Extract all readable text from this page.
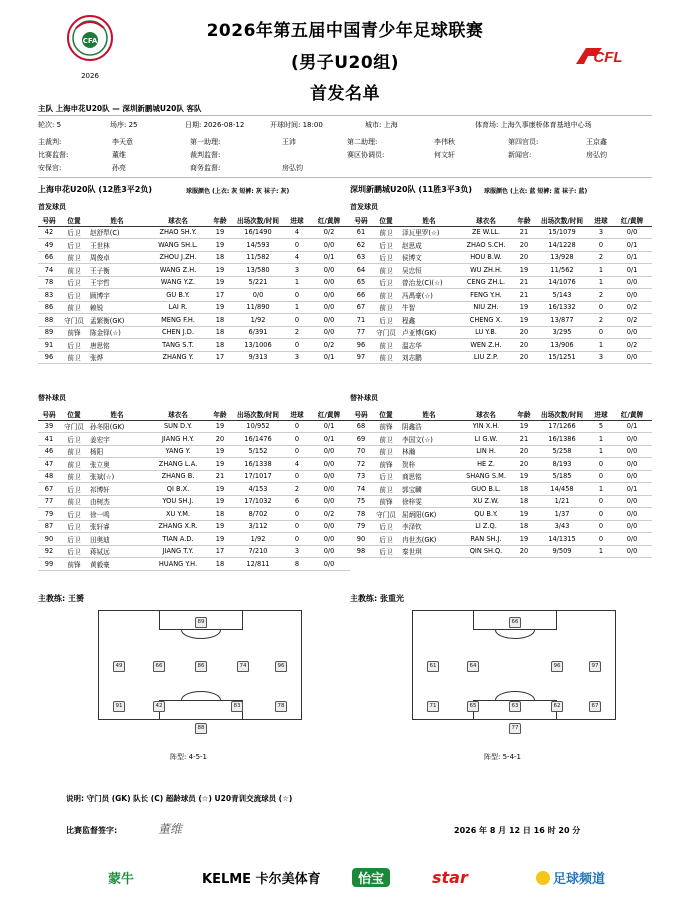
CFA
2026
CFL
2026年第五届中国青少年足球联赛
(男子U20组)
首发名单
主队 上海申花U20队 — 深圳新鹏城U20队 客队
轮次: 5	场序: 25	日期: 2026-08-12	开球时间: 18:00	城市: 上海	体育场: 上海久事康桥体育基地中心场
主裁判:	李天意	第一助理:	王沛	第二助理:	李伟秋	第四官员:	王京鑫
比赛监督:	董维	裁判监督:	赛区协调员:	何文轩	新闻官:	房弘钧
安保官:	孙亮	商务监督:	房弘钧
上海申花U20队 (12胜3平2负)	球服颜色 (上衣: 灰 短裤: 灰 袜子: 灰)	深圳新鹏城U20队 (11胜3平3负) 球服颜色 (上衣: 蓝 短裤: 蓝 袜子: 蓝)
首发球员	首发球员
号码	位置	姓名	球衣名	年龄	出场次数/时间	进球	红/黄牌
42	后卫	赵舒犁(C)	ZHAO SH.Y.	19	16/1490	4	0/2
49	后卫	王世林	WANG SH.L.	19	14/593	0	0/0
66	前卫	周俊卓	ZHOU J.ZH.	18	11/582	4	0/1
74	前卫	王子衡	WANG Z.H.	19	13/580	3	0/0
78	后卫	王宇哲	WANG Y.Z.	19	5/221	1	0/0
83	后卫	顾博宇	GU B.Y.	17	0/0	0	0/0
86	前卫	赖锐	LAI R.	19	11/890	1	0/0
88	守门员	孟繁衡(GK)	MENG F.H.	18	1/92	0	0/0
89	前锋	陈金铎(☆)	CHEN J.D.	18	6/391	2	0/0
91	后卫	唐思铭	TANG S.T.	18	13/1006	0	0/2
96	前卫	张烨	ZHANG Y.	17	9/313	3	0/1
号码	位置	姓名	球衣名	年龄	出场次数/时间	进球	红/黄牌
61	前卫	泽瓦里罗(☆)	ZE W.LL.	21	15/1079	3	0/0
62	后卫	赵思成	ZHAO S.CH.	20	14/1228	0	0/1
63	后卫	侯博文	HOU B.W.	20	13/928	2	0/1
64	前卫	吴忠恒	WU ZH.H.	19	11/562	1	0/1
65	后卫	曾治龙(C)(☆)	CENG ZH.L.	21	14/1076	1	0/0
66	前卫	冯禹豪(☆)	FENG Y.H.	21	5/143	2	0/0
67	前卫	牛智	NIU ZH.	19	16/1332	0	0/2
71	后卫	程鑫	CHENG X.	19	13/877	2	0/2
77	守门员	卢亚博(GK)	LU Y.B.	20	3/295	0	0/0
96	前卫	温志华	WEN Z.H.	20	13/906	1	0/2
97	前卫	刘志鹏	LIU Z.P.	20	15/1251	3	0/0
替补球员	替补球员
号码	位置	姓名	球衣名	年龄	出场次数/时间	进球	红/黄牌
39	守门员	孙冬阳(GK)	SUN D.Y.	19	10/952	0	0/1
41	后卫	姜宏宇	JIANG H.Y.	20	16/1476	0	0/1
46	前卫	杨阳	YANG Y.	19	5/152	0	0/0
47	前卫	张立奥	ZHANG L.A.	19	16/1338	4	0/0
48	前卫	张斌(☆)	ZHANG B.	21	17/1017	0	0/0
67	后卫	祁博轩	QI B.X.	19	4/153	2	0/0
77	前卫	由树杰	YOU SH.J.	19	17/1032	6	0/0
79	后卫	徐一鸣	XU Y.M.	18	8/702	0	0/2
87	后卫	张轩睿	ZHANG X.R.	19	3/112	0	0/0
90	后卫	田奥迪	TIAN A.D.	19	1/92	0	0/0
92	后卫	蒋铽远	JIANG T.Y.	17	7/210	3	0/0
99	前锋	黄毅豪	HUANG Y.H.	18	12/811	8	0/0
号码	位置	姓名	球衣名	年龄	出场次数/时间	进球	红/黄牌
68	前锋	阴鑫浩	YIN X.H.	19	17/1266	5	0/1
69	前卫	李国文(☆)	LI G.W.	21	16/1386	1	0/0
70	前卫	林瀚	LIN H.	20	5/258	1	0/0
72	前锋	贺梓	HE Z.	20	8/193	0	0/0
73	后卫	商思铭	SHANG S.M.	19	5/185	0	0/0
74	前卫	郭宝麟	GUO B.L.	18	14/458	1	0/1
75	前锋	徐梓雯	XU Z.W.	18	1/21	0	0/0
78	守门员	屈炳阳(GK)	QU B.Y.	19	1/37	0	0/0
79	后卫	李泽钦	LI Z.Q.	18	3/43	0	0/0
90	后卫	冉世杰(GK)	RAN SH.J.	19	14/1315	0	0/0
98	后卫	秦世琪	QIN SH.Q.	20	9/509	1	0/0
主教练: 王赟	主教练: 张重光
89
49	66	86	74	96
91	42	83	78
88
阵型: 4-5-1
66
61	64	96	97
71	65	63	62	67
77
阵型: 5-4-1
说明: 守门员 (GK) 队长 (C) 超龄球员 (☆) U20青训交流球员 (☆)
比赛监督签字:	董维	2026 年 8 月 12 日 16 时 20 分
蒙牛	KELME 卡尔美体育	怡宝	star	足球频道
